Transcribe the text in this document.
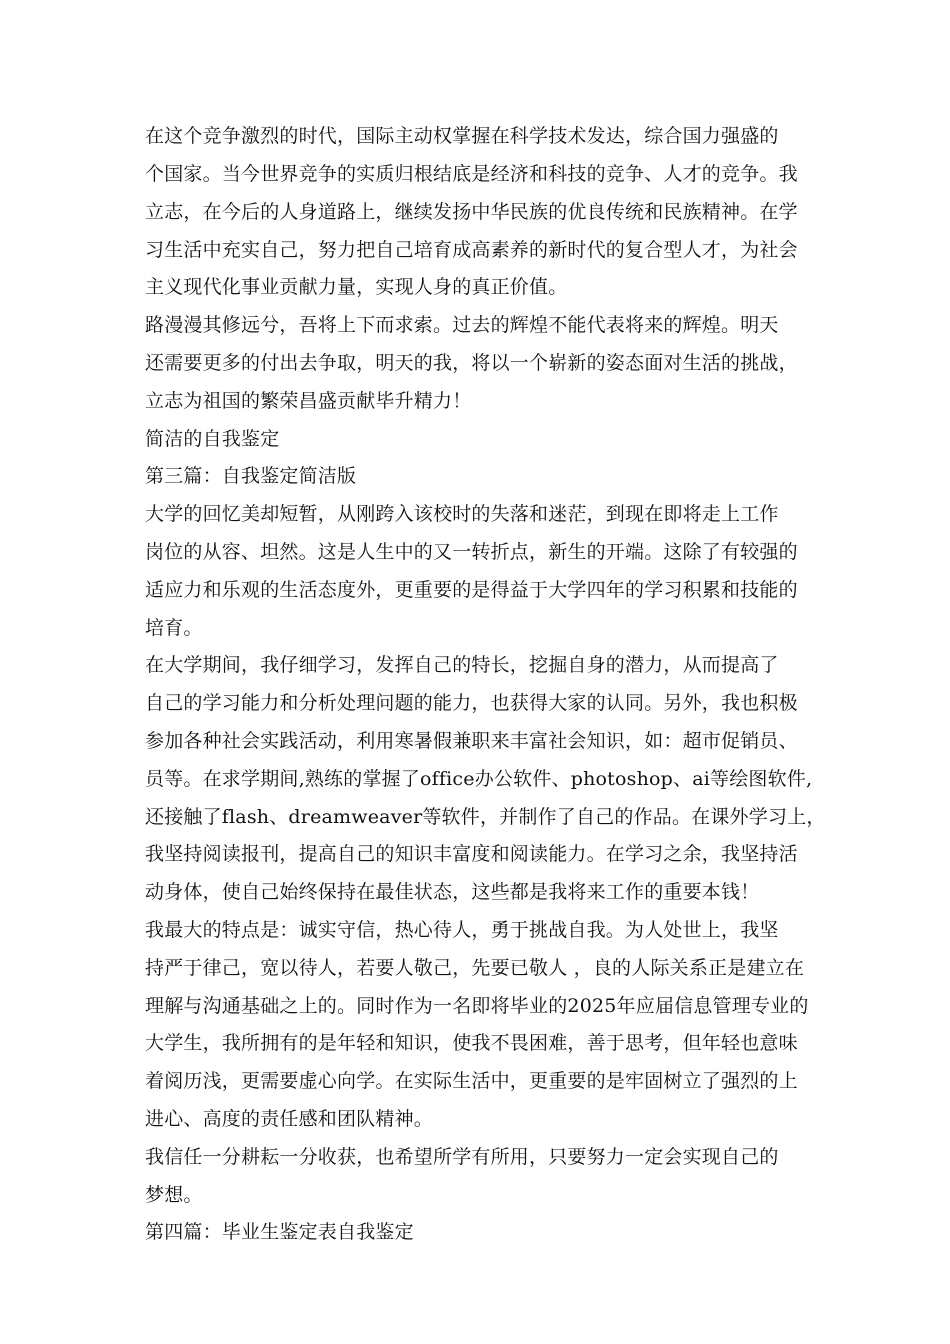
在这个竞争激烈的时代，国际主动权掌握在科学技术发达，综合国力强盛的
个国家。当今世界竞争的实质归根结底是经济和科技的竞争、人才的竞争。我
立志，在今后的人身道路上，继续发扬中华民族的优良传统和民族精神。在学
习生活中充实自己，努力把自己培育成高素养的新时代的复合型人才，为社会
主义现代化事业贡献力量，实现人身的真正价值。
路漫漫其修远兮，吾将上下而求索。过去的辉煌不能代表将来的辉煌。明天
还需要更多的付出去争取，明天的我，将以一个崭新的姿态面对生活的挑战，
立志为祖国的繁荣昌盛贡献毕升精力！
简洁的自我鉴定
第三篇：自我鉴定简洁版
大学的回忆美却短暂，从刚跨入该校时的失落和迷茫，到现在即将走上工作
岗位的从容、坦然。这是人生中的又一转折点，新生的开端。这除了有较强的
适应力和乐观的生活态度外，更重要的是得益于大学四年的学习积累和技能的
培育。
在大学期间，我仔细学习，发挥自己的特长，挖掘自身的潜力，从而提高了
自己的学习能力和分析处理问题的能力，也获得大家的认同。另外，我也积极
参加各种社会实践活动，利用寒暑假兼职来丰富社会知识，如：超市促销员、
员等。在求学期间,熟练的掌握了office办公软件、photoshop、ai等绘图软件,
还接触了flash、dreamweaver等软件，并制作了自己的作品。在课外学习上，
我坚持阅读报刊，提高自己的知识丰富度和阅读能力。在学习之余，我坚持活
动身体，使自己始终保持在最佳状态，这些都是我将来工作的重要本钱！
我最大的特点是：诚实守信，热心待人，勇于挑战自我。为人处世上，我坚
持严于律己，宽以待人，若要人敬己，先要已敬人 ，良的人际关系正是建立在
理解与沟通基础之上的。同时作为一名即将毕业的2025年应届信息管理专业的
大学生，我所拥有的是年轻和知识，使我不畏困难，善于思考，但年轻也意味
着阅历浅，更需要虚心向学。在实际生活中，更重要的是牢固树立了强烈的上
进心、高度的责任感和团队精神。
我信任一分耕耘一分收获，也希望所学有所用，只要努力一定会实现自己的
梦想。
第四篇：毕业生鉴定表自我鉴定
